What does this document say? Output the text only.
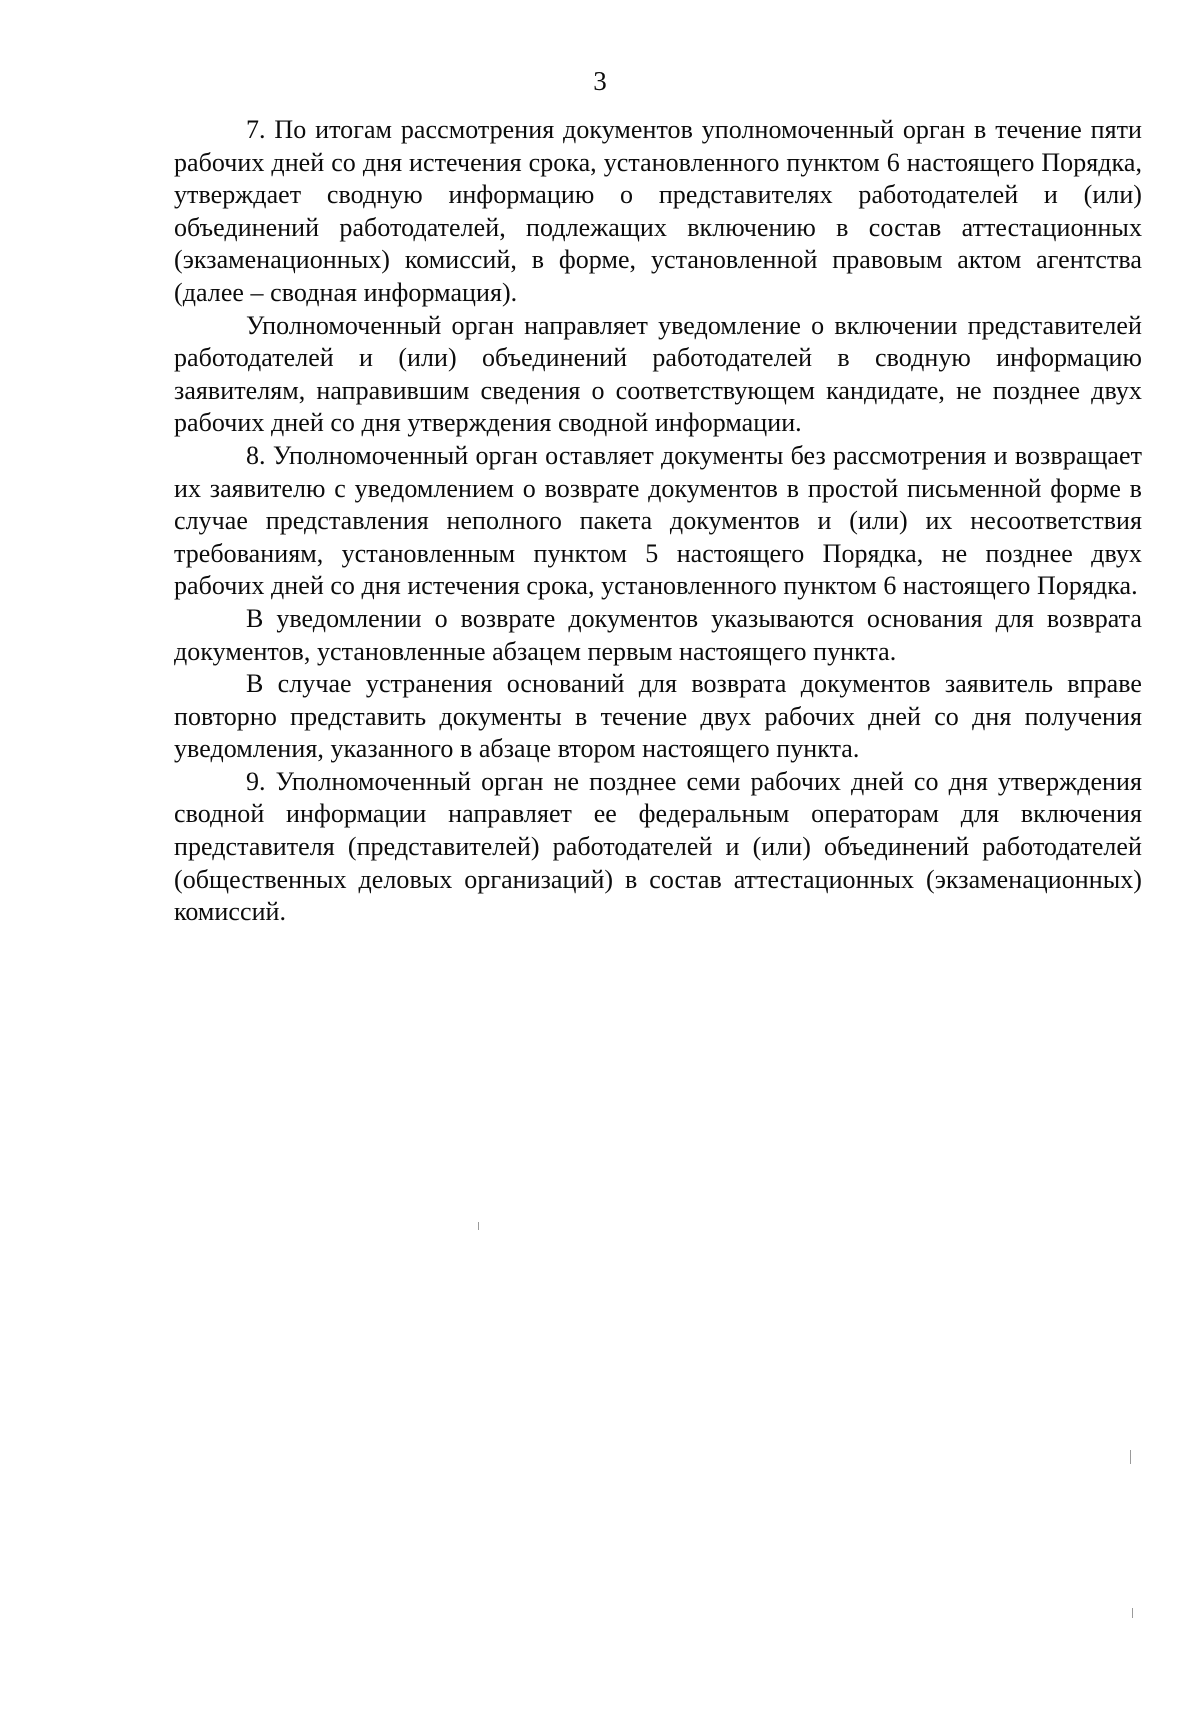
3

7. По итогам рассмотрения документов уполномоченный орган в течение пяти рабочих дней со дня истечения срока, установленного пунктом 6 настоящего Порядка, утверждает сводную информацию о представителях работодателей и (или) объединений работодателей, подлежащих включению в состав аттестационных (экзаменационных) комиссий, в форме, установленной правовым актом агентства (далее – сводная информация).

Уполномоченный орган направляет уведомление о включении представителей работодателей и (или) объединений работодателей в сводную информацию заявителям, направившим сведения о соответствующем кандидате, не позднее двух рабочих дней со дня утверждения сводной информации.

8. Уполномоченный орган оставляет документы без рассмотрения и возвращает их заявителю с уведомлением о возврате документов в простой письменной форме в случае представления неполного пакета документов и (или) их несоответствия требованиям, установленным пунктом 5 настоящего Порядка, не позднее двух рабочих дней со дня истечения срока, установленного пунктом 6 настоящего Порядка.

В уведомлении о возврате документов указываются основания для возврата документов, установленные абзацем первым настоящего пункта.

В случае устранения оснований для возврата документов заявитель вправе повторно представить документы в течение двух рабочих дней со дня получения уведомления, указанного в абзаце втором настоящего пункта.

9. Уполномоченный орган не позднее семи рабочих дней со дня утверждения сводной информации направляет ее федеральным операторам для включения представителя (представителей) работодателей и (или) объединений работодателей (общественных деловых организаций) в состав аттестационных (экзаменационных) комиссий.
